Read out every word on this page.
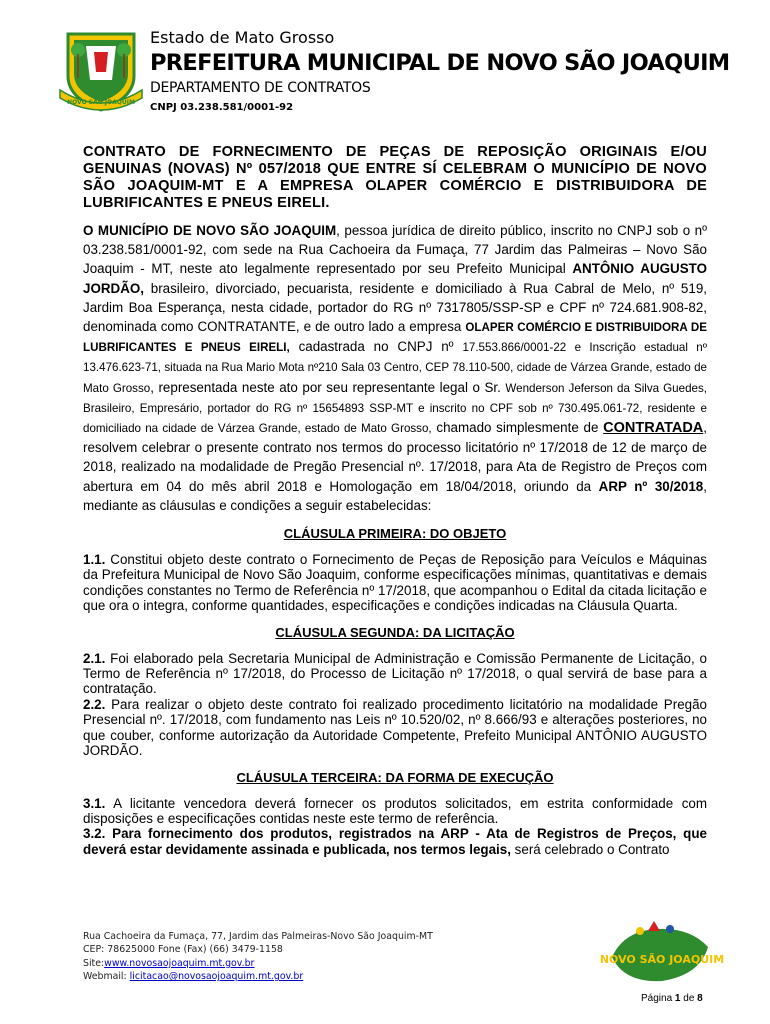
NOVO SÃO JOAQUIM
Estado de Mato Grosso
PREFEITURA MUNICIPAL DE NOVO SÃO JOAQUIM
DEPARTAMENTO DE CONTRATOS
CNPJ 03.238.581/0001-92

CONTRATO DE FORNECIMENTO DE PEÇAS DE REPOSIÇÃO ORIGINAIS E/OU GENUINAS (NOVAS) Nº 057/2018 QUE ENTRE SÍ CELEBRAM O MUNICÍPIO DE NOVO SÃO JOAQUIM-MT E A EMPRESA OLAPER COMÉRCIO E DISTRIBUIDORA DE LUBRIFICANTES E PNEUS EIRELI.

O MUNICÍPIO DE NOVO SÃO JOAQUIM, pessoa jurídica de direito público, inscrito no CNPJ sob o nº 03.238.581/0001-92, com sede na Rua Cachoeira da Fumaça, 77 Jardim das Palmeiras – Novo São Joaquim - MT, neste ato legalmente representado por seu Prefeito Municipal ANTÔNIO AUGUSTO JORDÃO, brasileiro, divorciado, pecuarista, residente e domiciliado à Rua Cabral de Melo, nº 519, Jardim Boa Esperança, nesta cidade, portador do RG nº 7317805/SSP-SP e CPF nº 724.681.908-82, denominada como CONTRATANTE, e de outro lado a empresa OLAPER COMÉRCIO E DISTRIBUIDORA DE LUBRIFICANTES E PNEUS EIRELI, cadastrada no CNPJ nº 17.553.866/0001-22 e Inscrição estadual nº 13.476.623-71, situada na Rua Mario Mota nº210 Sala 03 Centro, CEP 78.110-500, cidade de Várzea Grande, estado de Mato Grosso, representada neste ato por seu representante legal o Sr. Wenderson Jeferson da Silva Guedes, Brasileiro, Empresário, portador do RG nº 15654893 SSP-MT e inscrito no CPF sob nº 730.495.061-72, residente e domiciliado na cidade de Várzea Grande, estado de Mato Grosso, chamado simplesmente de CONTRATADA, resolvem celebrar o presente contrato nos termos do processo licitatório nº 17/2018 de 12 de março de 2018, realizado na modalidade de Pregão Presencial nº. 17/2018, para Ata de Registro de Preços com abertura em 04 do mês abril 2018 e Homologação em 18/04/2018, oriundo da ARP nº 30/2018, mediante as cláusulas e condições a seguir estabelecidas:

CLÁUSULA PRIMEIRA: DO OBJETO

1.1. Constitui objeto deste contrato o Fornecimento de Peças de Reposição para Veículos e Máquinas da Prefeitura Municipal de Novo São Joaquim, conforme especificações mínimas, quantitativas e demais condições constantes no Termo de Referência nº 17/2018, que acompanhou o Edital da citada licitação e que ora o integra, conforme quantidades, especificações e condições indicadas na Cláusula Quarta.

CLÁUSULA SEGUNDA: DA LICITAÇÃO

2.1. Foi elaborado pela Secretaria Municipal de Administração e Comissão Permanente de Licitação, o Termo de Referência nº 17/2018, do Processo de Licitação nº 17/2018, o qual servirá de base para a contratação.

2.2. Para realizar o objeto deste contrato foi realizado procedimento licitatório na modalidade Pregão Presencial nº. 17/2018, com fundamento nas Leis nº 10.520/02, nº 8.666/93 e alterações posteriores, no que couber, conforme autorização da Autoridade Competente, Prefeito Municipal ANTÔNIO AUGUSTO JORDÃO.

CLÁUSULA TERCEIRA: DA FORMA DE EXECUÇÃO

3.1. A licitante vencedora deverá fornecer os produtos solicitados, em estrita conformidade com disposições e especificações contidas neste este termo de referência.

3.2. Para fornecimento dos produtos, registrados na ARP - Ata de Registros de Preços, que deverá estar devidamente assinada e publicada, nos termos legais, será celebrado o Contrato

Rua Cachoeira da Fumaça, 77, Jardim das Palmeiras-Novo São Joaquim-MT
CEP: 78625000 Fone (Fax) (66) 3479-1158
Site:www.novosaojoaquim.mt.gov.br
Webmail: licitacao@novosaojoaquim.mt.gov.br
NOVO SÃO JOAQUIM
Página 1 de 8
